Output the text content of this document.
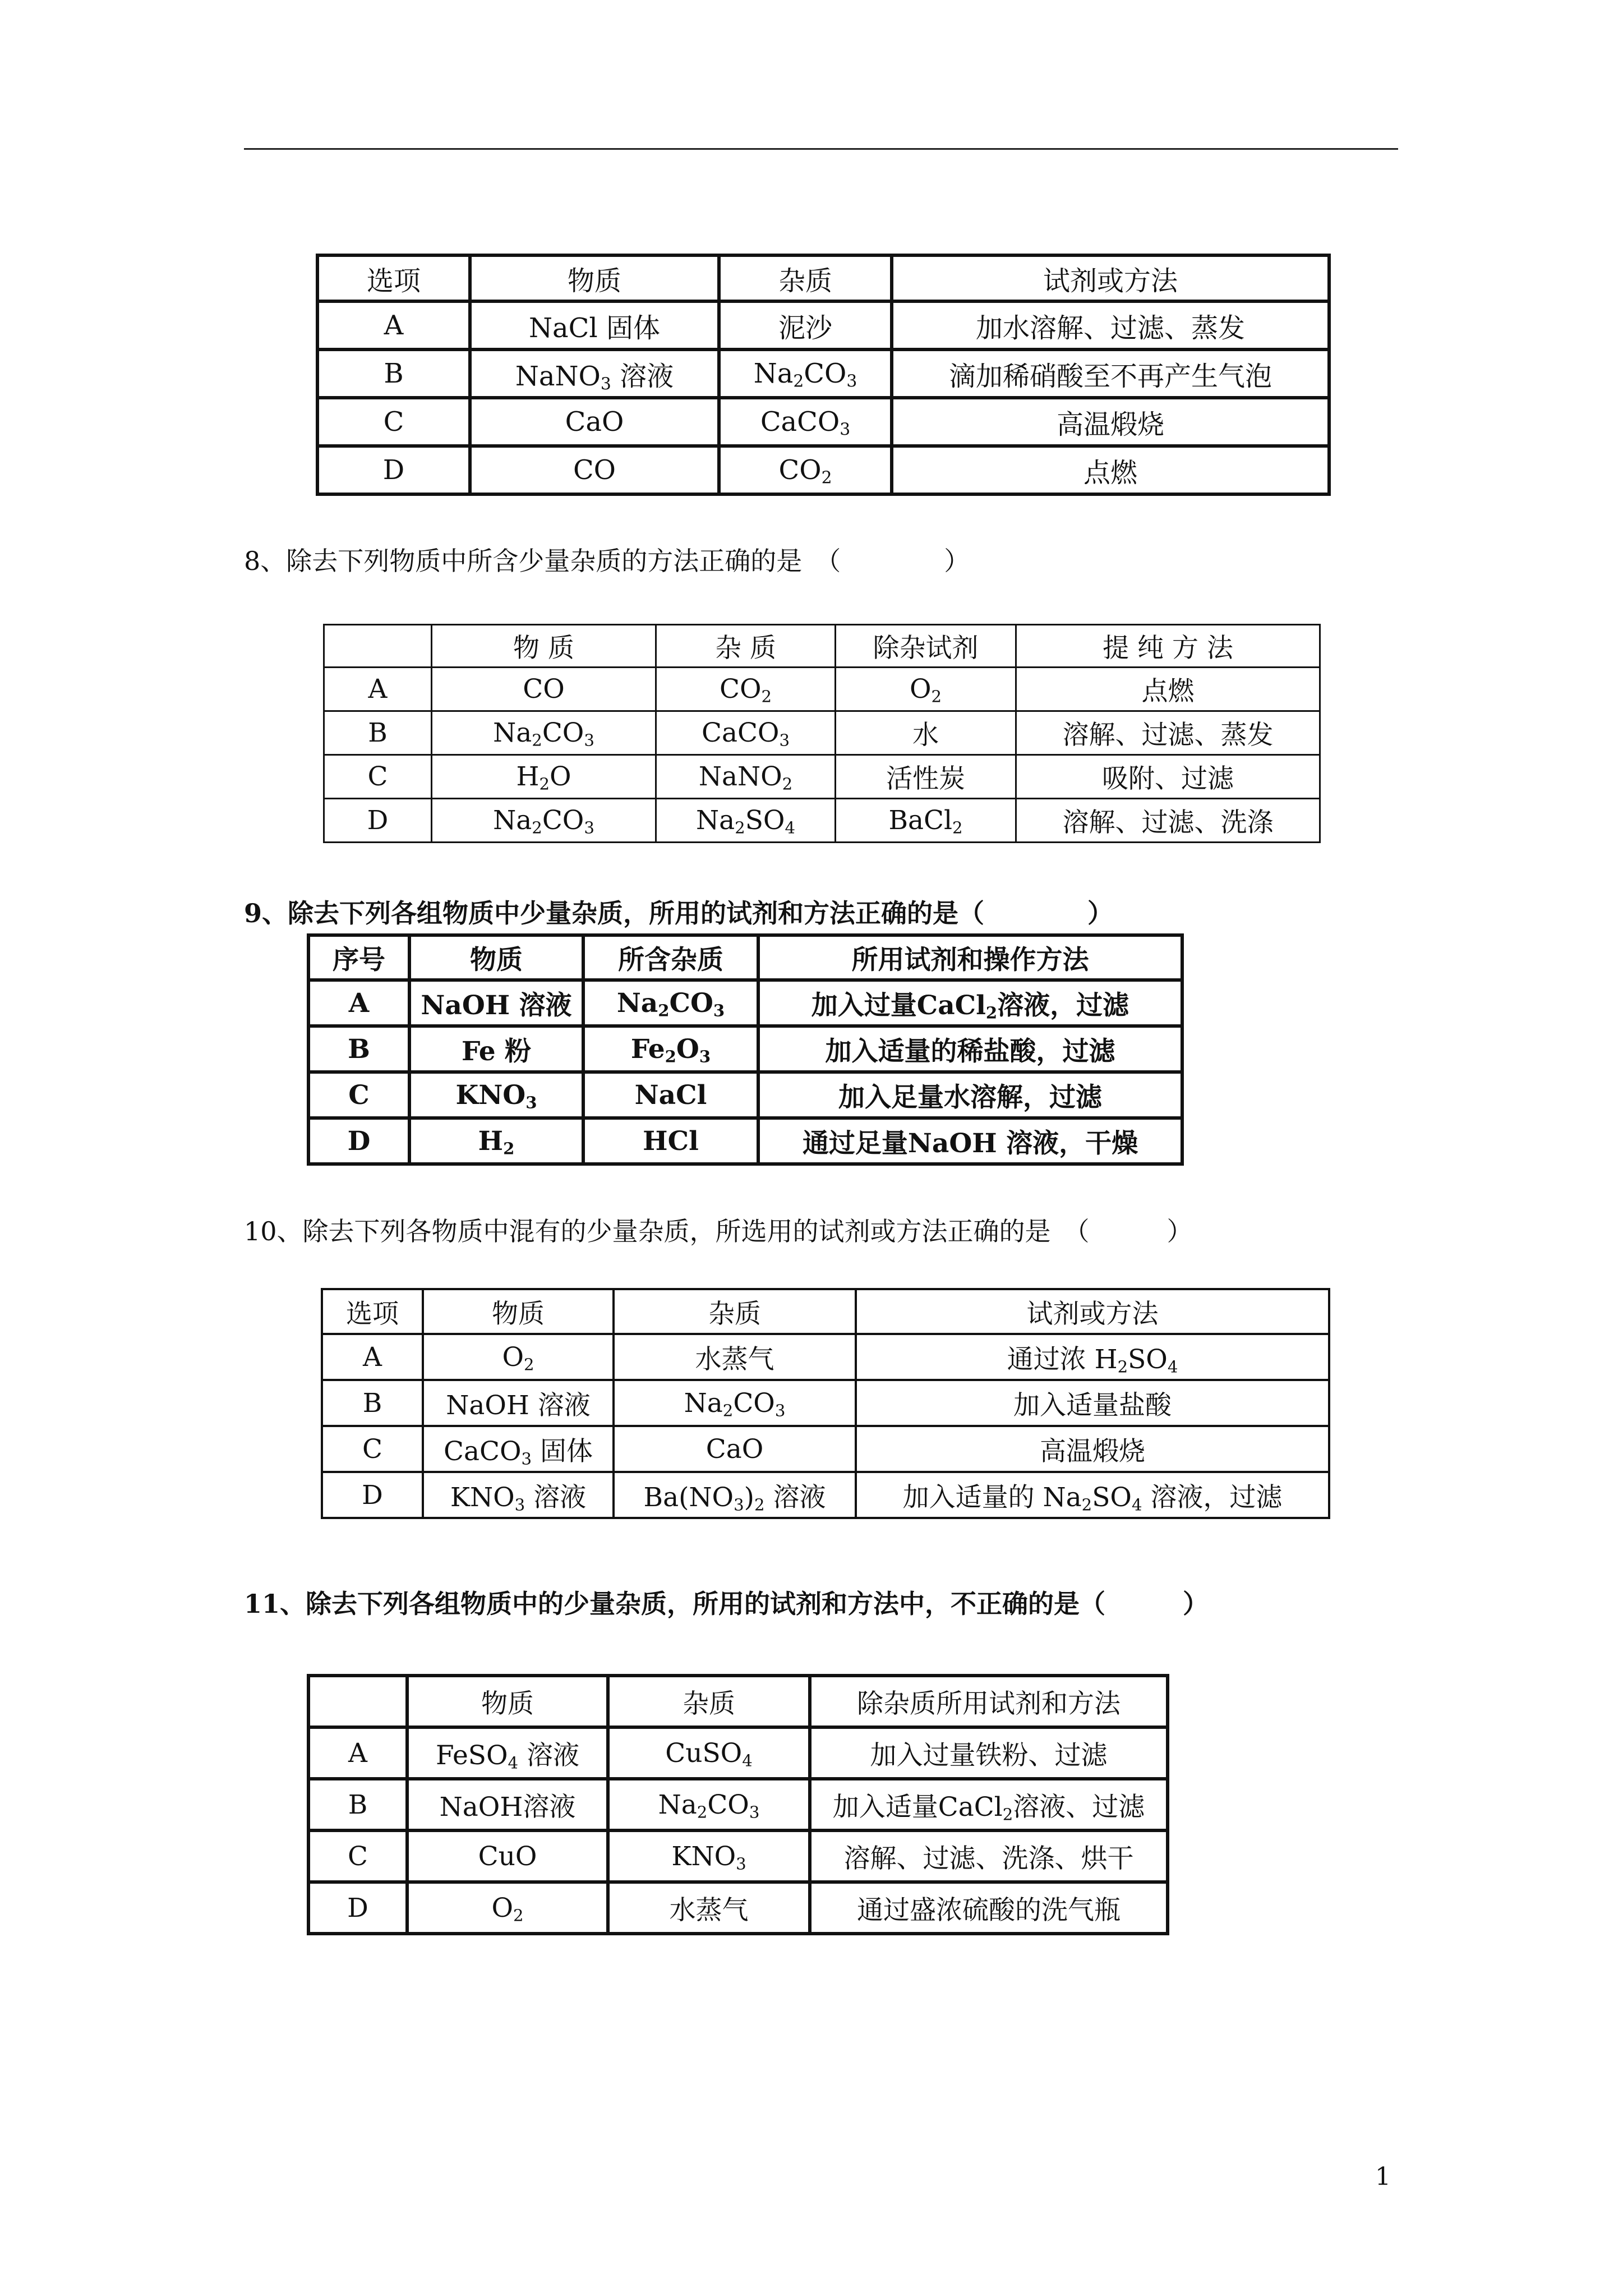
选项	物质	杂质	试剂或方法
A	NaCl 固体	泥沙	加水溶解、过滤、蒸发
B	NaNO$_3$ 溶液	$Na_2CO_3$	滴加稀硝酸至不再产生气泡
C	CaO	CaCO$_3$	高温煅烧
D	CO	$CO_2$	点燃
8、除去下列物质中所含少量杂质的方法正确的是　（　　　　）
	物 质	杂 质	除杂试剂	提 纯 方 法
A	CO	$CO_2$	$O_2$	点燃
B	$Na_2CO_3$	CaCO$_3$	水	溶解、过滤、蒸发
C	$H_2O$	NaNO$_2$	活性炭	吸附、过滤
D	$Na_2CO_3$	$Na_2SO_4$	BaCl$_2$	溶解、过滤、洗涤
9、除去下列各组物质中少量杂质，所用的试剂和方法正确的是（　　　　）
序号	物质	所含杂质	所用试剂和操作方法
A	NaOH 溶液	$Na_2CO_3$	加入过量CaCl$_2$溶液，过滤
B	Fe 粉	$Fe_2O_3$	加入适量的稀盐酸，过滤
C	$KNO_3$	NaCl	加入足量水溶解，过滤
D	$H_2$	HCl	通过足量NaOH 溶液，干燥
10、除去下列各物质中混有的少量杂质，所选用的试剂或方法正确的是　（　　　）
选项	物质	杂质	试剂或方法
A	$O_2$	水蒸气	通过浓 $H_2SO_4$
B	NaOH 溶液	$Na_2CO_3$	加入适量盐酸
C	CaCO$_3$ 固体	CaO	高温煅烧
D	$KNO_3$ 溶液	$Ba(NO_3)_2$ 溶液	加入适量的 $Na_2SO_4$ 溶液，过滤
11、除去下列各组物质中的少量杂质，所用的试剂和方法中，不正确的是（　　　）
	物质	杂质	除杂质所用试剂和方法
A	FeSO$_4$ 溶液	CuSO$_4$	加入过量铁粉、过滤
B	NaOH溶液	$Na_2CO_3$	加入适量CaCl$_2$溶液、过滤
C	CuO	$KNO_3$	溶解、过滤、洗涤、烘干
D	$O_2$	水蒸气	通过盛浓硫酸的洗气瓶
1
